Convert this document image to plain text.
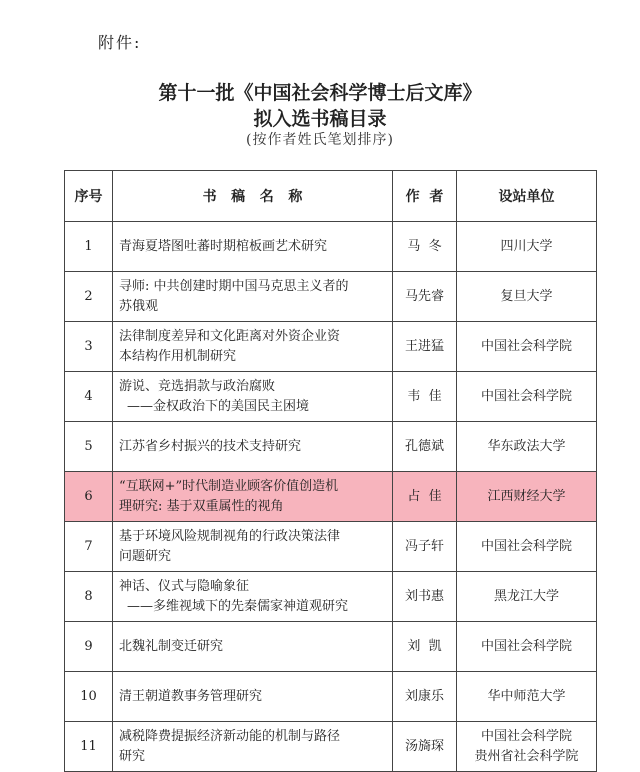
附件:
第十一批《中国社会科学博士后文库》
拟入选书稿目录
(按作者姓氏笔划排序)
序号	书   稿   名   称	作  者	设站单位
1	青海夏塔图吐蕃时期棺板画艺术研究	马  冬	四川大学

2	寻师: 中共创建时期中国马克思主义者的
苏俄观	马先睿	复旦大学

3	法律制度差异和文化距离对外资企业资
本结构作用机制研究	王进猛	中国社会科学院

4	游说、竞选捐款与政治腐败
——金权政治下的美国民主困境	韦  佳	中国社会科学院

5	江苏省乡村振兴的技术支持研究	孔德斌	华东政法大学

6	“互联网+”时代制造业顾客价值创造机
理研究: 基于双重属性的视角	占  佳	江西财经大学

7	基于环境风险规制视角的行政决策法律
问题研究	冯子轩	中国社会科学院

8	神话、仪式与隐喻象征
——多维视域下的先秦儒家神道观研究	刘书惠	黑龙江大学

9	北魏礼制变迁研究	刘  凯	中国社会科学院

10	清王朝道教事务管理研究	刘康乐	华中师范大学

11	减税降费提振经济新动能的机制与路径
研究	汤旖琛	中国社会科学院
贵州省社会科学院
